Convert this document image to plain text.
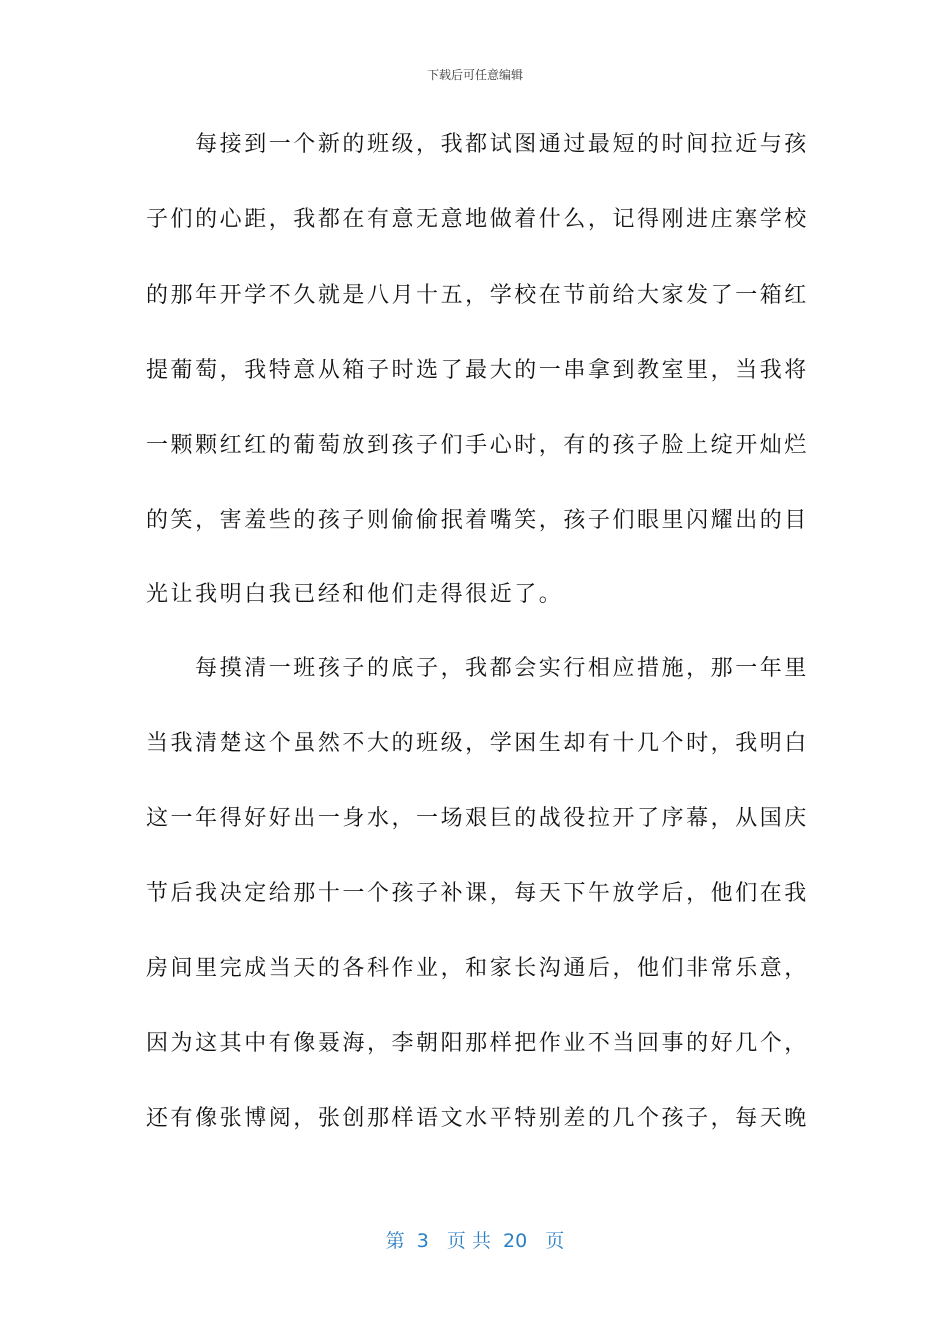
下载后可任意编辑
　　每接到一个新的班级，我都试图通过最短的时间拉近与孩
子们的心距，我都在有意无意地做着什么，记得刚进庄寨学校
的那年开学不久就是八月十五，学校在节前给大家发了一箱红
提葡萄，我特意从箱子时选了最大的一串拿到教室里，当我将
一颗颗红红的葡萄放到孩子们手心时，有的孩子脸上绽开灿烂
的笑，害羞些的孩子则偷偷抿着嘴笑，孩子们眼里闪耀出的目
光让我明白我已经和他们走得很近了。
　　每摸清一班孩子的底子，我都会实行相应措施，那一年里
当我清楚这个虽然不大的班级，学困生却有十几个时，我明白
这一年得好好出一身水，一场艰巨的战役拉开了序幕，从国庆
节后我决定给那十一个孩子补课，每天下午放学后，他们在我
房间里完成当天的各科作业，和家长沟通后，他们非常乐意，
因为这其中有像聂海，李朝阳那样把作业不当回事的好几个，
还有像张博阅，张创那样语文水平特别差的几个孩子，每天晚
第  3   页 共  20   页
